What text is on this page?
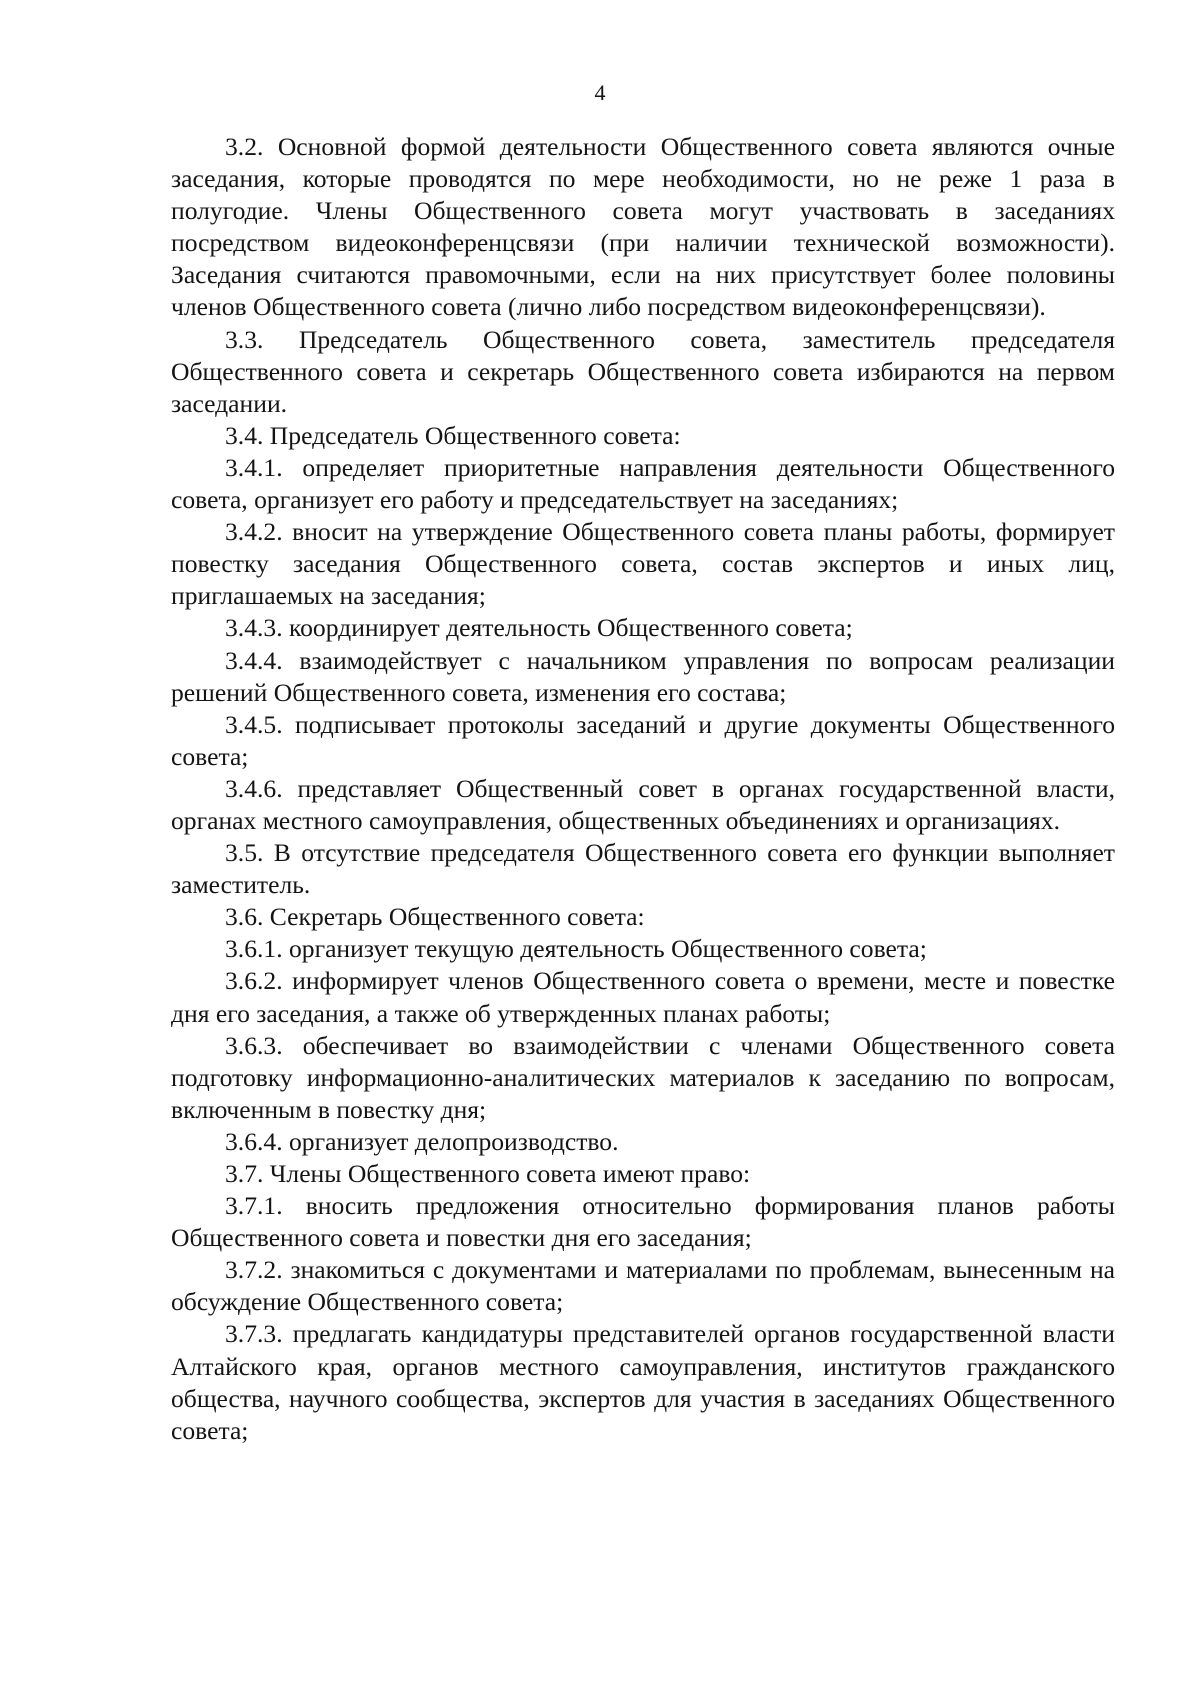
4

3.2. Основной формой деятельности Общественного совета являются очные заседания, которые проводятся по мере необходимости, но не реже 1 раза в полугодие. Члены Общественного совета могут участвовать в заседаниях посредством видеоконференцсвязи (при наличии технической возможности). Заседания считаются правомочными, если на них присутствует более половины членов Общественного совета (лично либо посредством видеоконференцсвязи).

3.3. Председатель Общественного совета, заместитель председателя Общественного совета и секретарь Общественного совета избираются на первом заседании.

3.4. Председатель Общественного совета:

3.4.1. определяет приоритетные направления деятельности Общественного совета, организует его работу и председательствует на заседаниях;

3.4.2. вносит на утверждение Общественного совета планы работы, формирует повестку заседания Общественного совета, состав экспертов и иных лиц, приглашаемых на заседания;

3.4.3. координирует деятельность Общественного совета;

3.4.4. взаимодействует с начальником управления по вопросам реализации решений Общественного совета, изменения его состава;

3.4.5. подписывает протоколы заседаний и другие документы Общественного совета;

3.4.6. представляет Общественный совет в органах государственной власти, органах местного самоуправления, общественных объединениях и организациях.

3.5. В отсутствие председателя Общественного совета его функции выполняет заместитель.

3.6. Секретарь Общественного совета:

3.6.1. организует текущую деятельность Общественного совета;

3.6.2. информирует членов Общественного совета о времени, месте и повестке дня его заседания, а также об утвержденных планах работы;

3.6.3. обеспечивает во взаимодействии с членами Общественного совета подготовку информационно-аналитических материалов к заседанию по вопросам, включенным в повестку дня;

3.6.4. организует делопроизводство.

3.7. Члены Общественного совета имеют право:

3.7.1. вносить предложения относительно формирования планов работы Общественного совета и повестки дня его заседания;

3.7.2. знакомиться с документами и материалами по проблемам, вынесенным на обсуждение Общественного совета;

3.7.3. предлагать кандидатуры представителей органов государственной власти Алтайского края, органов местного самоуправления, институтов гражданского общества, научного сообщества, экспертов для участия в заседаниях Общественного совета;
